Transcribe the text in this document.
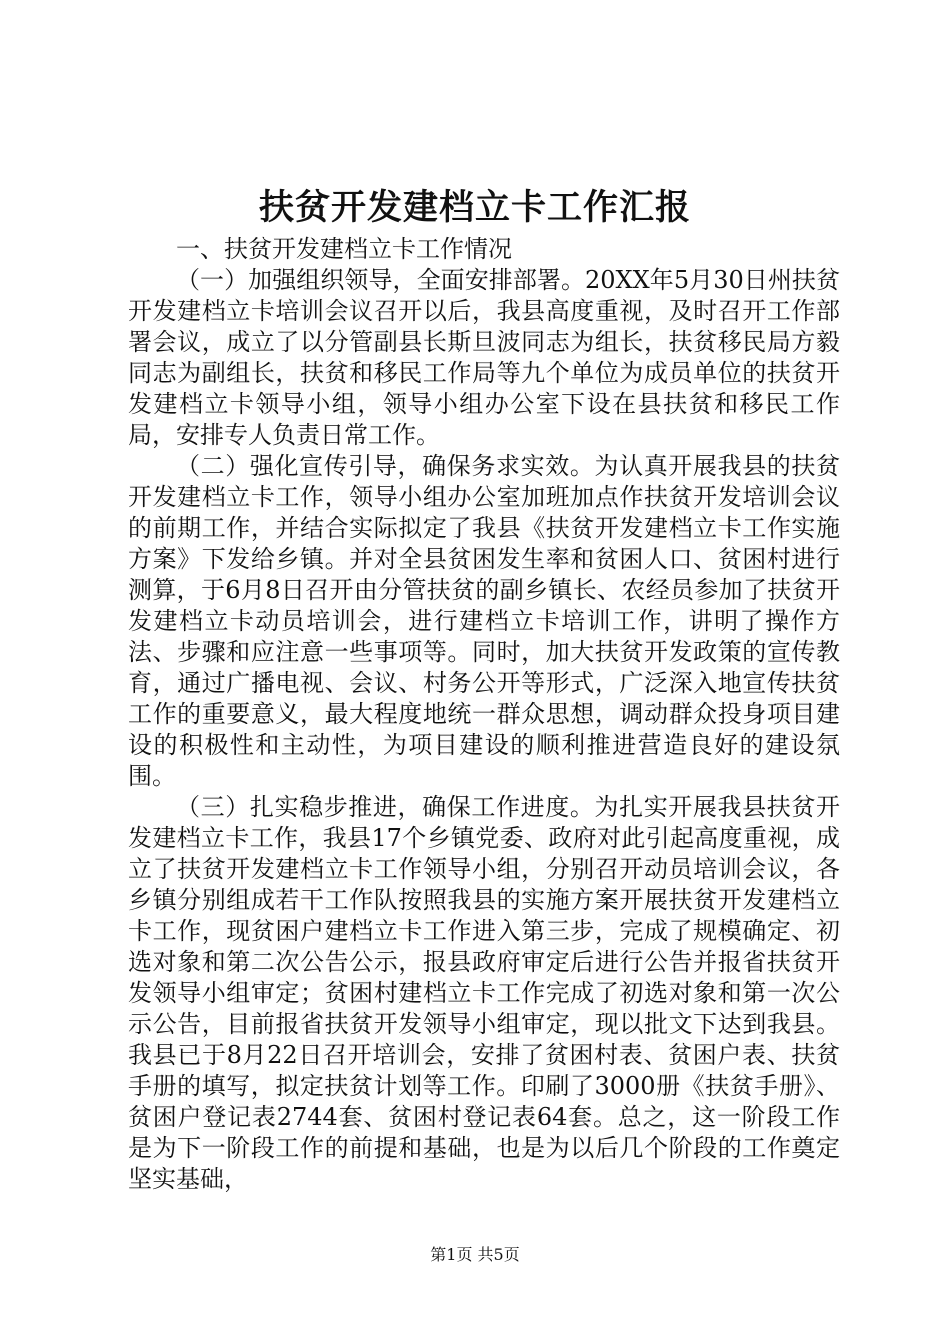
扶贫开发建档立卡工作汇报

一、扶贫开发建档立卡工作情况

（一）加强组织领导，全面安排部署。20XX年5月30日州扶贫开发建档立卡培训会议召开以后，我县高度重视，及时召开工作部署会议，成立了以分管副县长斯旦波同志为组长，扶贫移民局方毅同志为副组长，扶贫和移民工作局等九个单位为成员单位的扶贫开发建档立卡领导小组，领导小组办公室下设在县扶贫和移民工作局，安排专人负责日常工作。

（二）强化宣传引导，确保务求实效。为认真开展我县的扶贫开发建档立卡工作，领导小组办公室加班加点作扶贫开发培训会议的前期工作，并结合实际拟定了我县《扶贫开发建档立卡工作实施方案》下发给乡镇。并对全县贫困发生率和贫困人口、贫困村进行测算，于6月8日召开由分管扶贫的副乡镇长、农经员参加了扶贫开发建档立卡动员培训会，进行建档立卡培训工作，讲明了操作方法、步骤和应注意一些事项等。同时，加大扶贫开发政策的宣传教育，通过广播电视、会议、村务公开等形式，广泛深入地宣传扶贫工作的重要意义，最大程度地统一群众思想，调动群众投身项目建设的积极性和主动性，为项目建设的顺利推进营造良好的建设氛围。

（三）扎实稳步推进，确保工作进度。为扎实开展我县扶贫开发建档立卡工作，我县17个乡镇党委、政府对此引起高度重视，成立了扶贫开发建档立卡工作领导小组，分别召开动员培训会议，各乡镇分别组成若干工作队按照我县的实施方案开展扶贫开发建档立卡工作，现贫困户建档立卡工作进入第三步，完成了规模确定、初选对象和第二次公告公示，报县政府审定后进行公告并报省扶贫开发领导小组审定；贫困村建档立卡工作完成了初选对象和第一次公示公告，目前报省扶贫开发领导小组审定，现以批文下达到我县。我县已于8月22日召开培训会，安排了贫困村表、贫困户表、扶贫手册的填写，拟定扶贫计划等工作。印刷了3000册《扶贫手册》、贫困户登记表2744套、贫困村登记表64套。总之，这一阶段工作是为下一阶段工作的前提和基础，也是为以后几个阶段的工作奠定坚实基础，

第1页 共5页
